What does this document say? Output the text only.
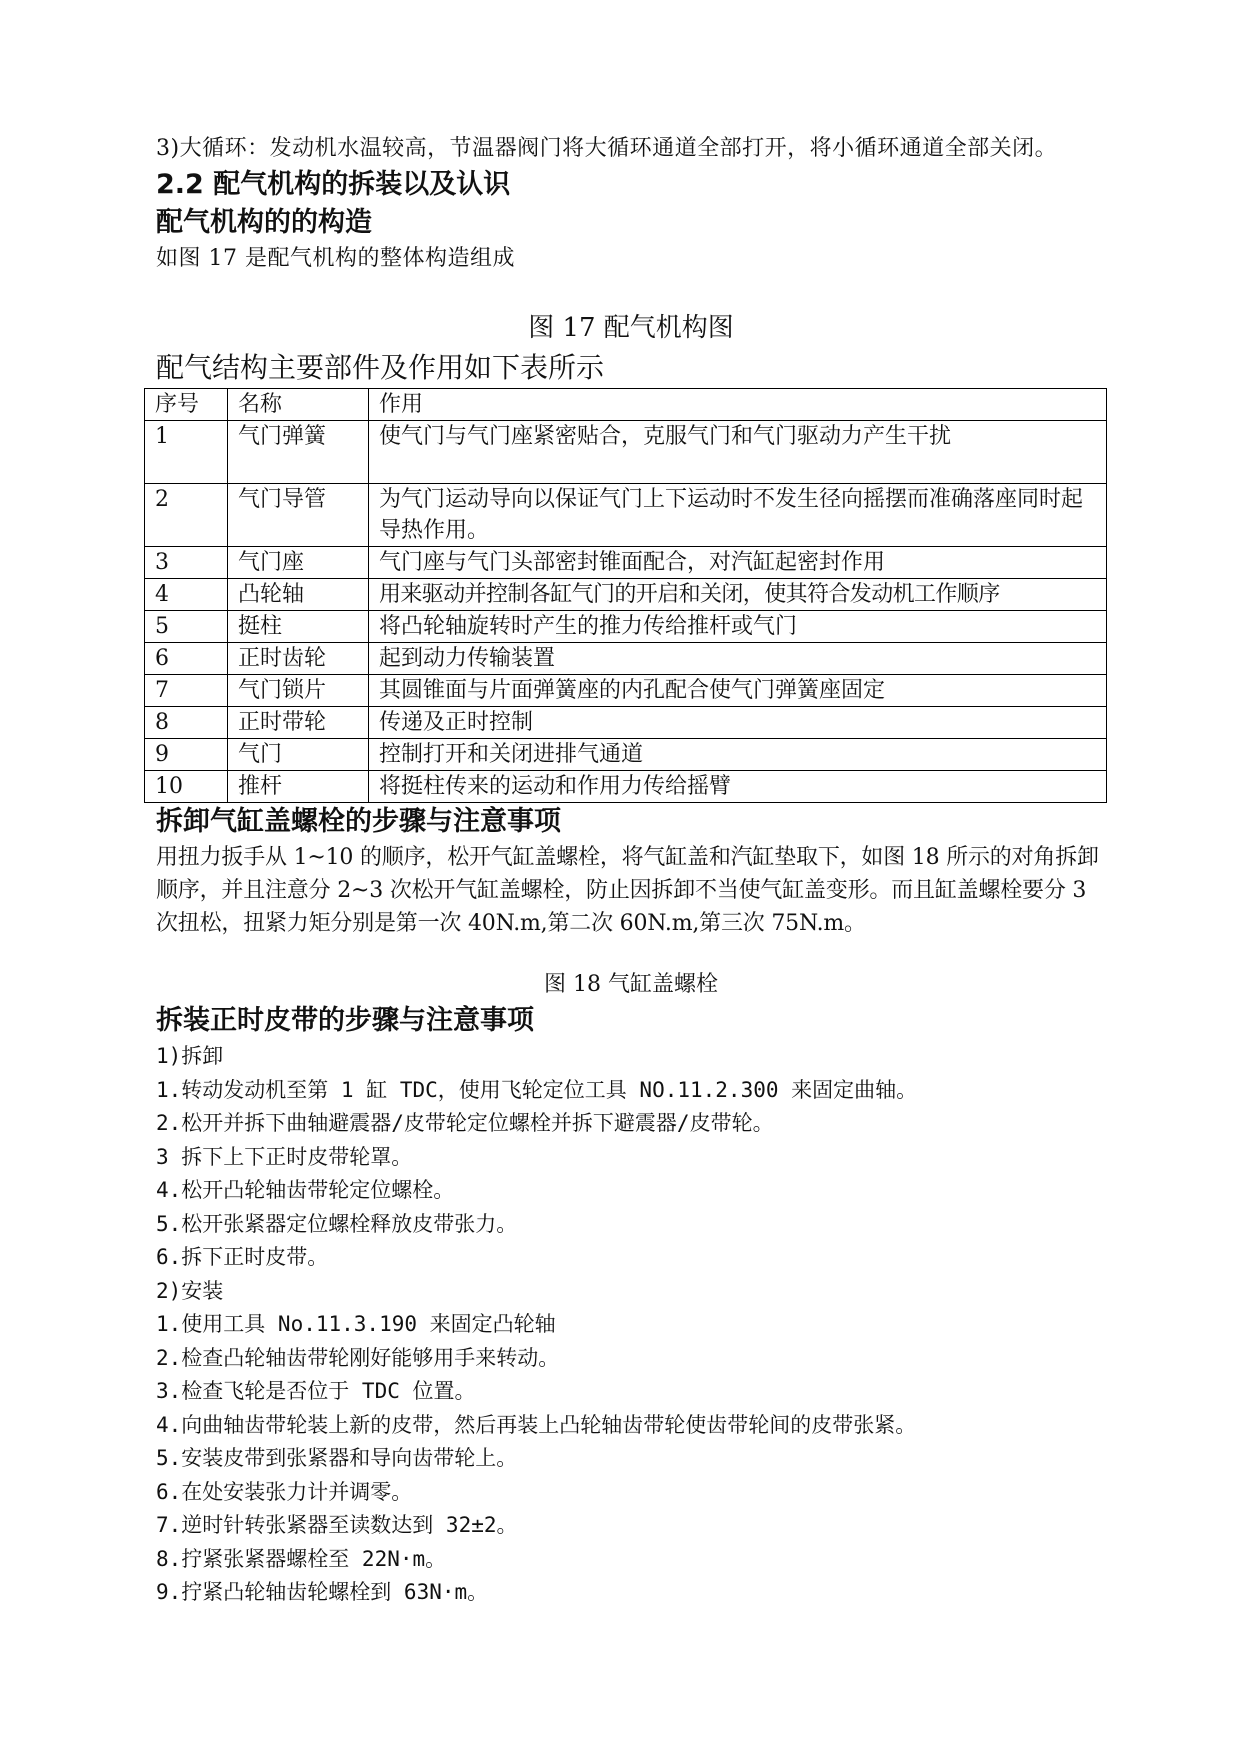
3)大循环：发动机水温较高，节温器阀门将大循环通道全部打开，将小循环通道全部关闭。

2.2 配气机构的拆装以及认识
配气机构的的构造

如图 17 是配气机构的整体构造组成

图 17 配气机构图

配气结构主要部件及作用如下表所示

序号	名称	作用
1	气门弹簧	使气门与气门座紧密贴合，克服气门和气门驱动力产生干扰
2	气门导管	为气门运动导向以保证气门上下运动时不发生径向摇摆而准确落座同时起导热作用。
3	气门座	气门座与气门头部密封锥面配合，对汽缸起密封作用
4	凸轮轴	用来驱动并控制各缸气门的开启和关闭，使其符合发动机工作顺序
5	挺柱	将凸轮轴旋转时产生的推力传给推杆或气门
6	正时齿轮	起到动力传输装置
7	气门锁片	其圆锥面与片面弹簧座的内孔配合使气门弹簧座固定
8	正时带轮	传递及正时控制
9	气门	控制打开和关闭进排气通道
10	推杆	将挺柱传来的运动和作用力传给摇臂
拆卸气缸盖螺栓的步骤与注意事项

用扭力扳手从 1~10 的顺序，松开气缸盖螺栓，将气缸盖和汽缸垫取下，如图 18 所示的对角拆卸顺序，并且注意分 2~3 次松开气缸盖螺栓，防止因拆卸不当使气缸盖变形。而且缸盖螺栓要分 3 次扭松，扭紧力矩分别是第一次 40N.m,第二次 60N.m,第三次 75N.m。

图 18 气缸盖螺栓

拆装正时皮带的步骤与注意事项

1)拆卸

1.转动发动机至第 1 缸 TDC，使用飞轮定位工具 NO.11.2.300 来固定曲轴。

2.松开并拆下曲轴避震器/皮带轮定位螺栓并拆下避震器/皮带轮。

3 拆下上下正时皮带轮罩。

4.松开凸轮轴齿带轮定位螺栓。

5.松开张紧器定位螺栓释放皮带张力。

6.拆下正时皮带。

2)安装

1.使用工具 No.11.3.190 来固定凸轮轴

2.检查凸轮轴齿带轮刚好能够用手来转动。

3.检查飞轮是否位于 TDC 位置。

4.向曲轴齿带轮装上新的皮带，然后再装上凸轮轴齿带轮使齿带轮间的皮带张紧。

5.安装皮带到张紧器和导向齿带轮上。

6.在处安装张力计并调零。

7.逆时针转张紧器至读数达到 32±2。

8.拧紧张紧器螺栓至 22N·m。

9.拧紧凸轮轴齿轮螺栓到 63N·m。
